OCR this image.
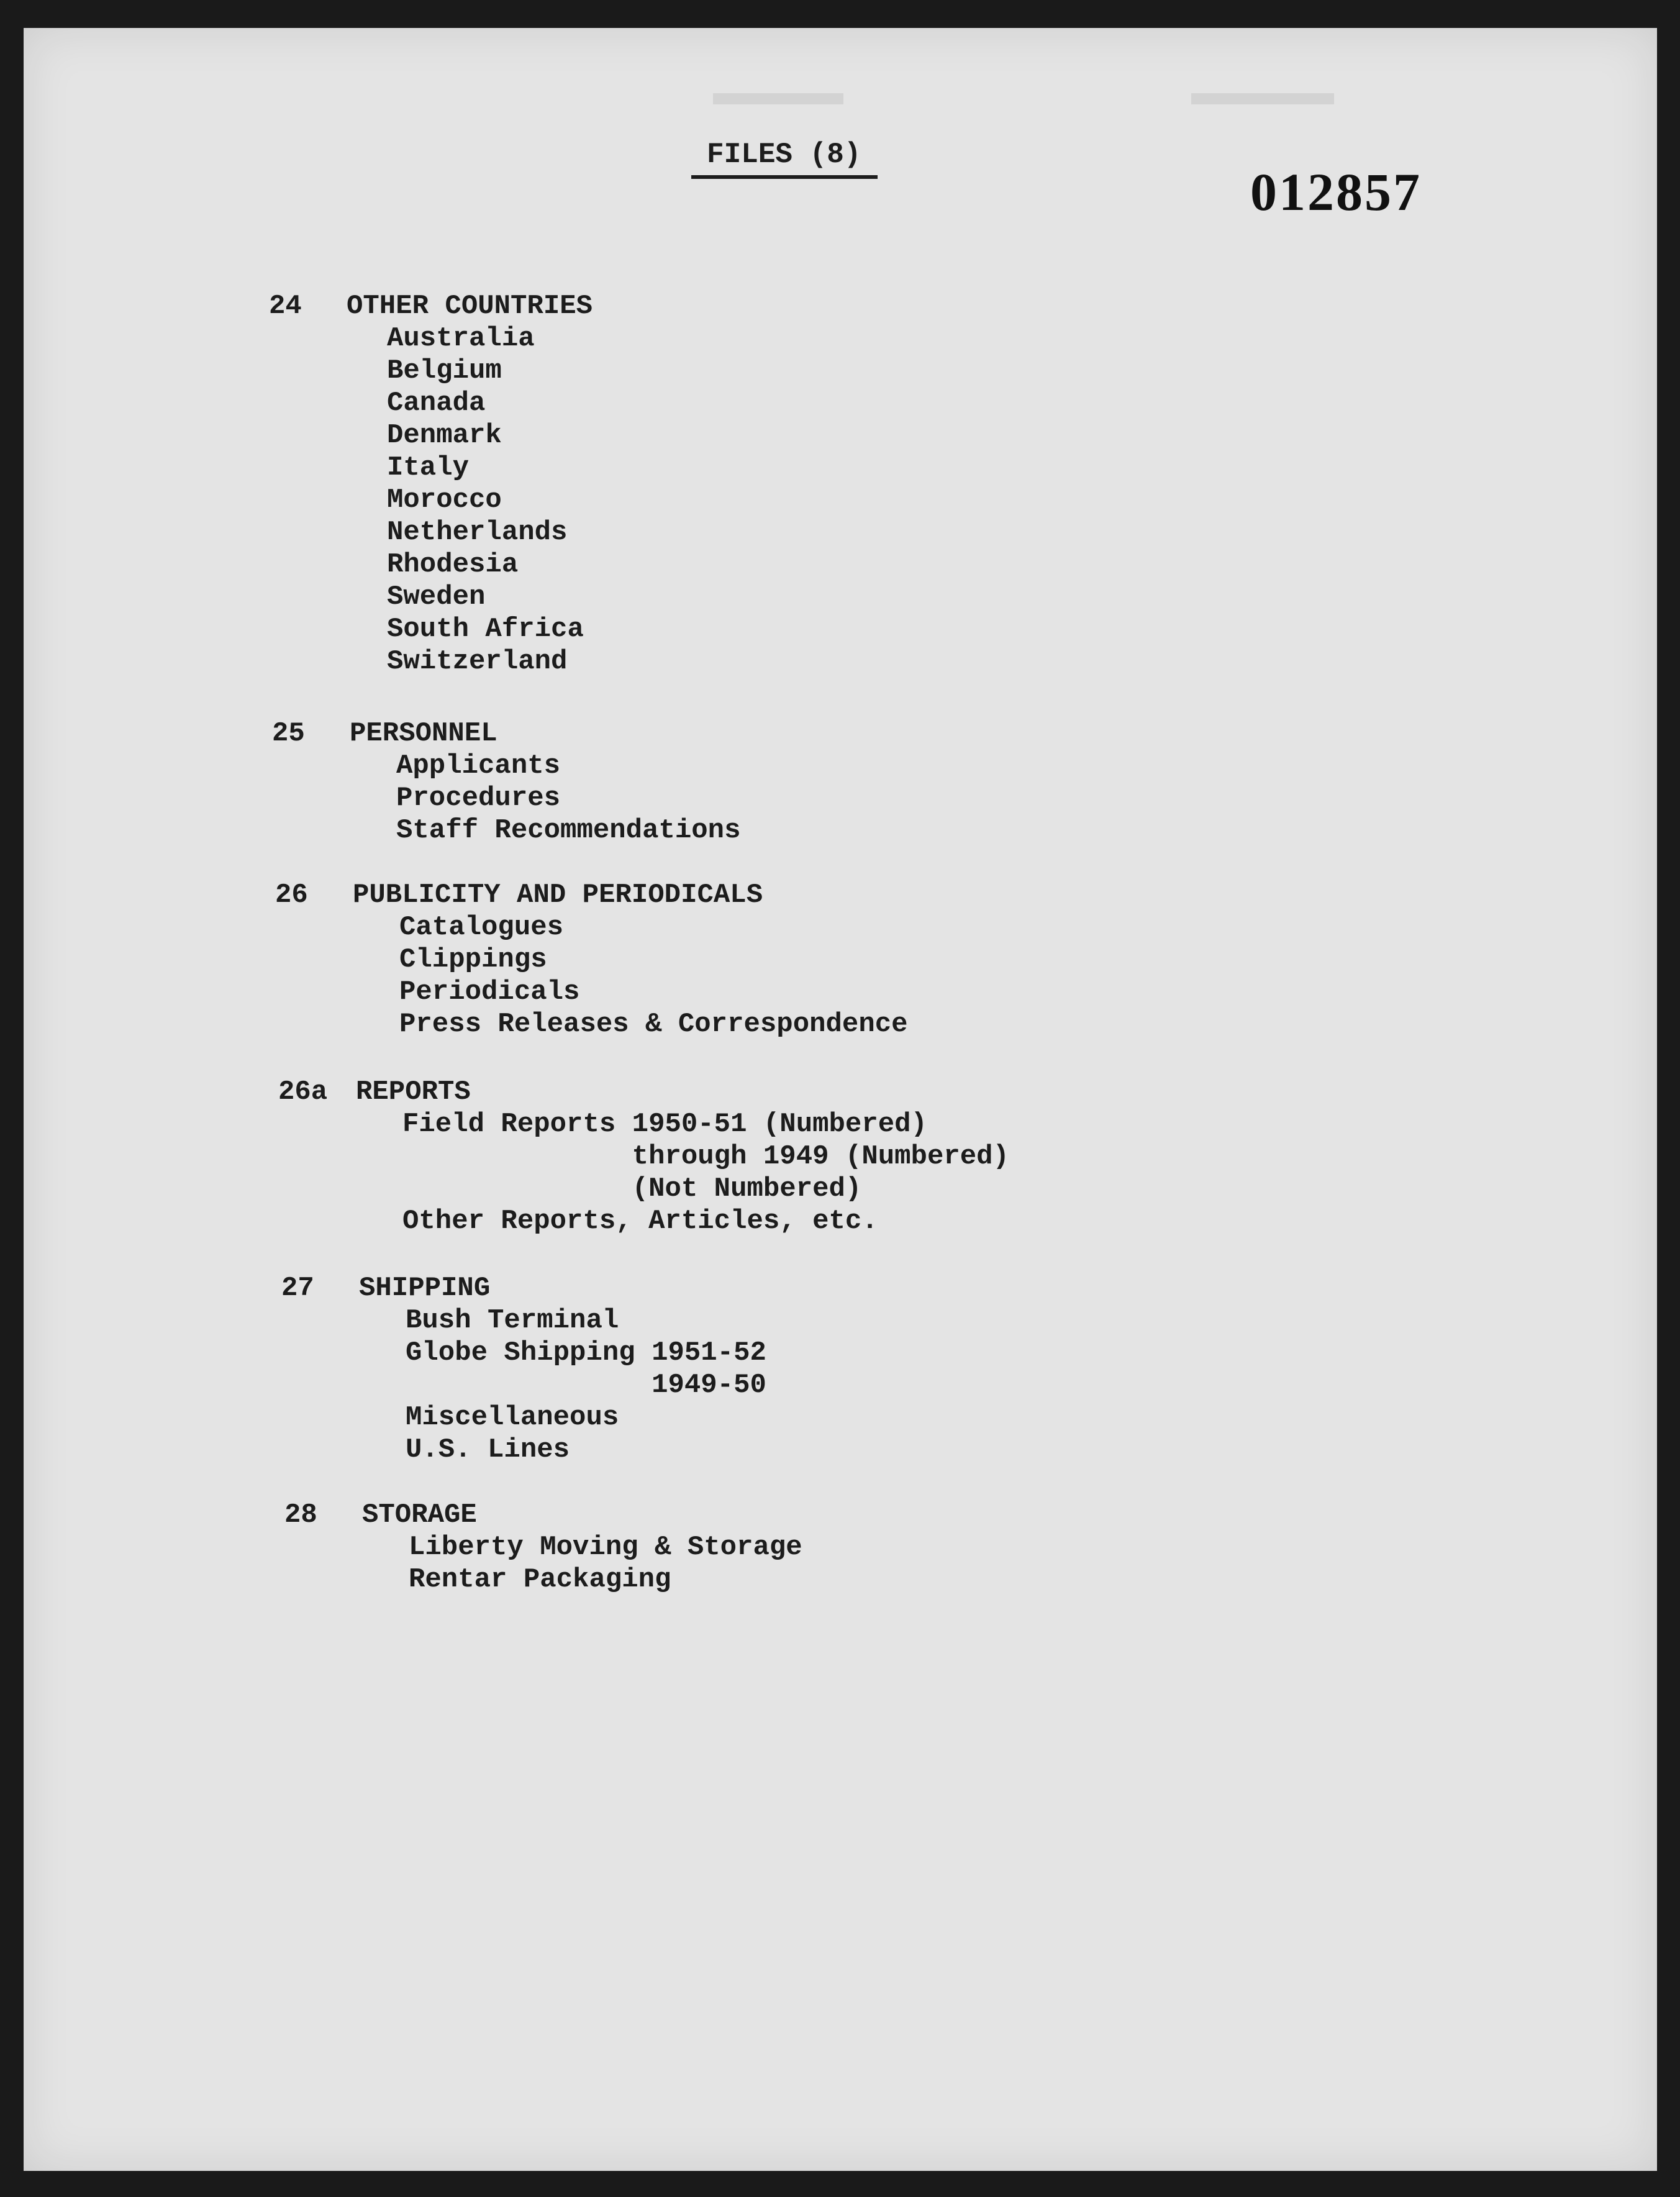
FILES (8)
012857
24 OTHER COUNTRIES
Australia
Belgium
Canada
Denmark
Italy
Morocco
Netherlands
Rhodesia
Sweden
South Africa
Switzerland
25 PERSONNEL
Applicants
Procedures
Staff Recommendations
26 PUBLICITY AND PERIODICALS
Catalogues
Clippings
Periodicals
Press Releases & Correspondence
26a REPORTS
Field Reports 1950-51 (Numbered)
through 1949 (Numbered)
(Not Numbered)
Other Reports, Articles, etc.
27 SHIPPING
Bush Terminal
Globe Shipping 1951-52
1949-50
Miscellaneous
U.S. Lines
28 STORAGE
Liberty Moving & Storage
Rentar Packaging
